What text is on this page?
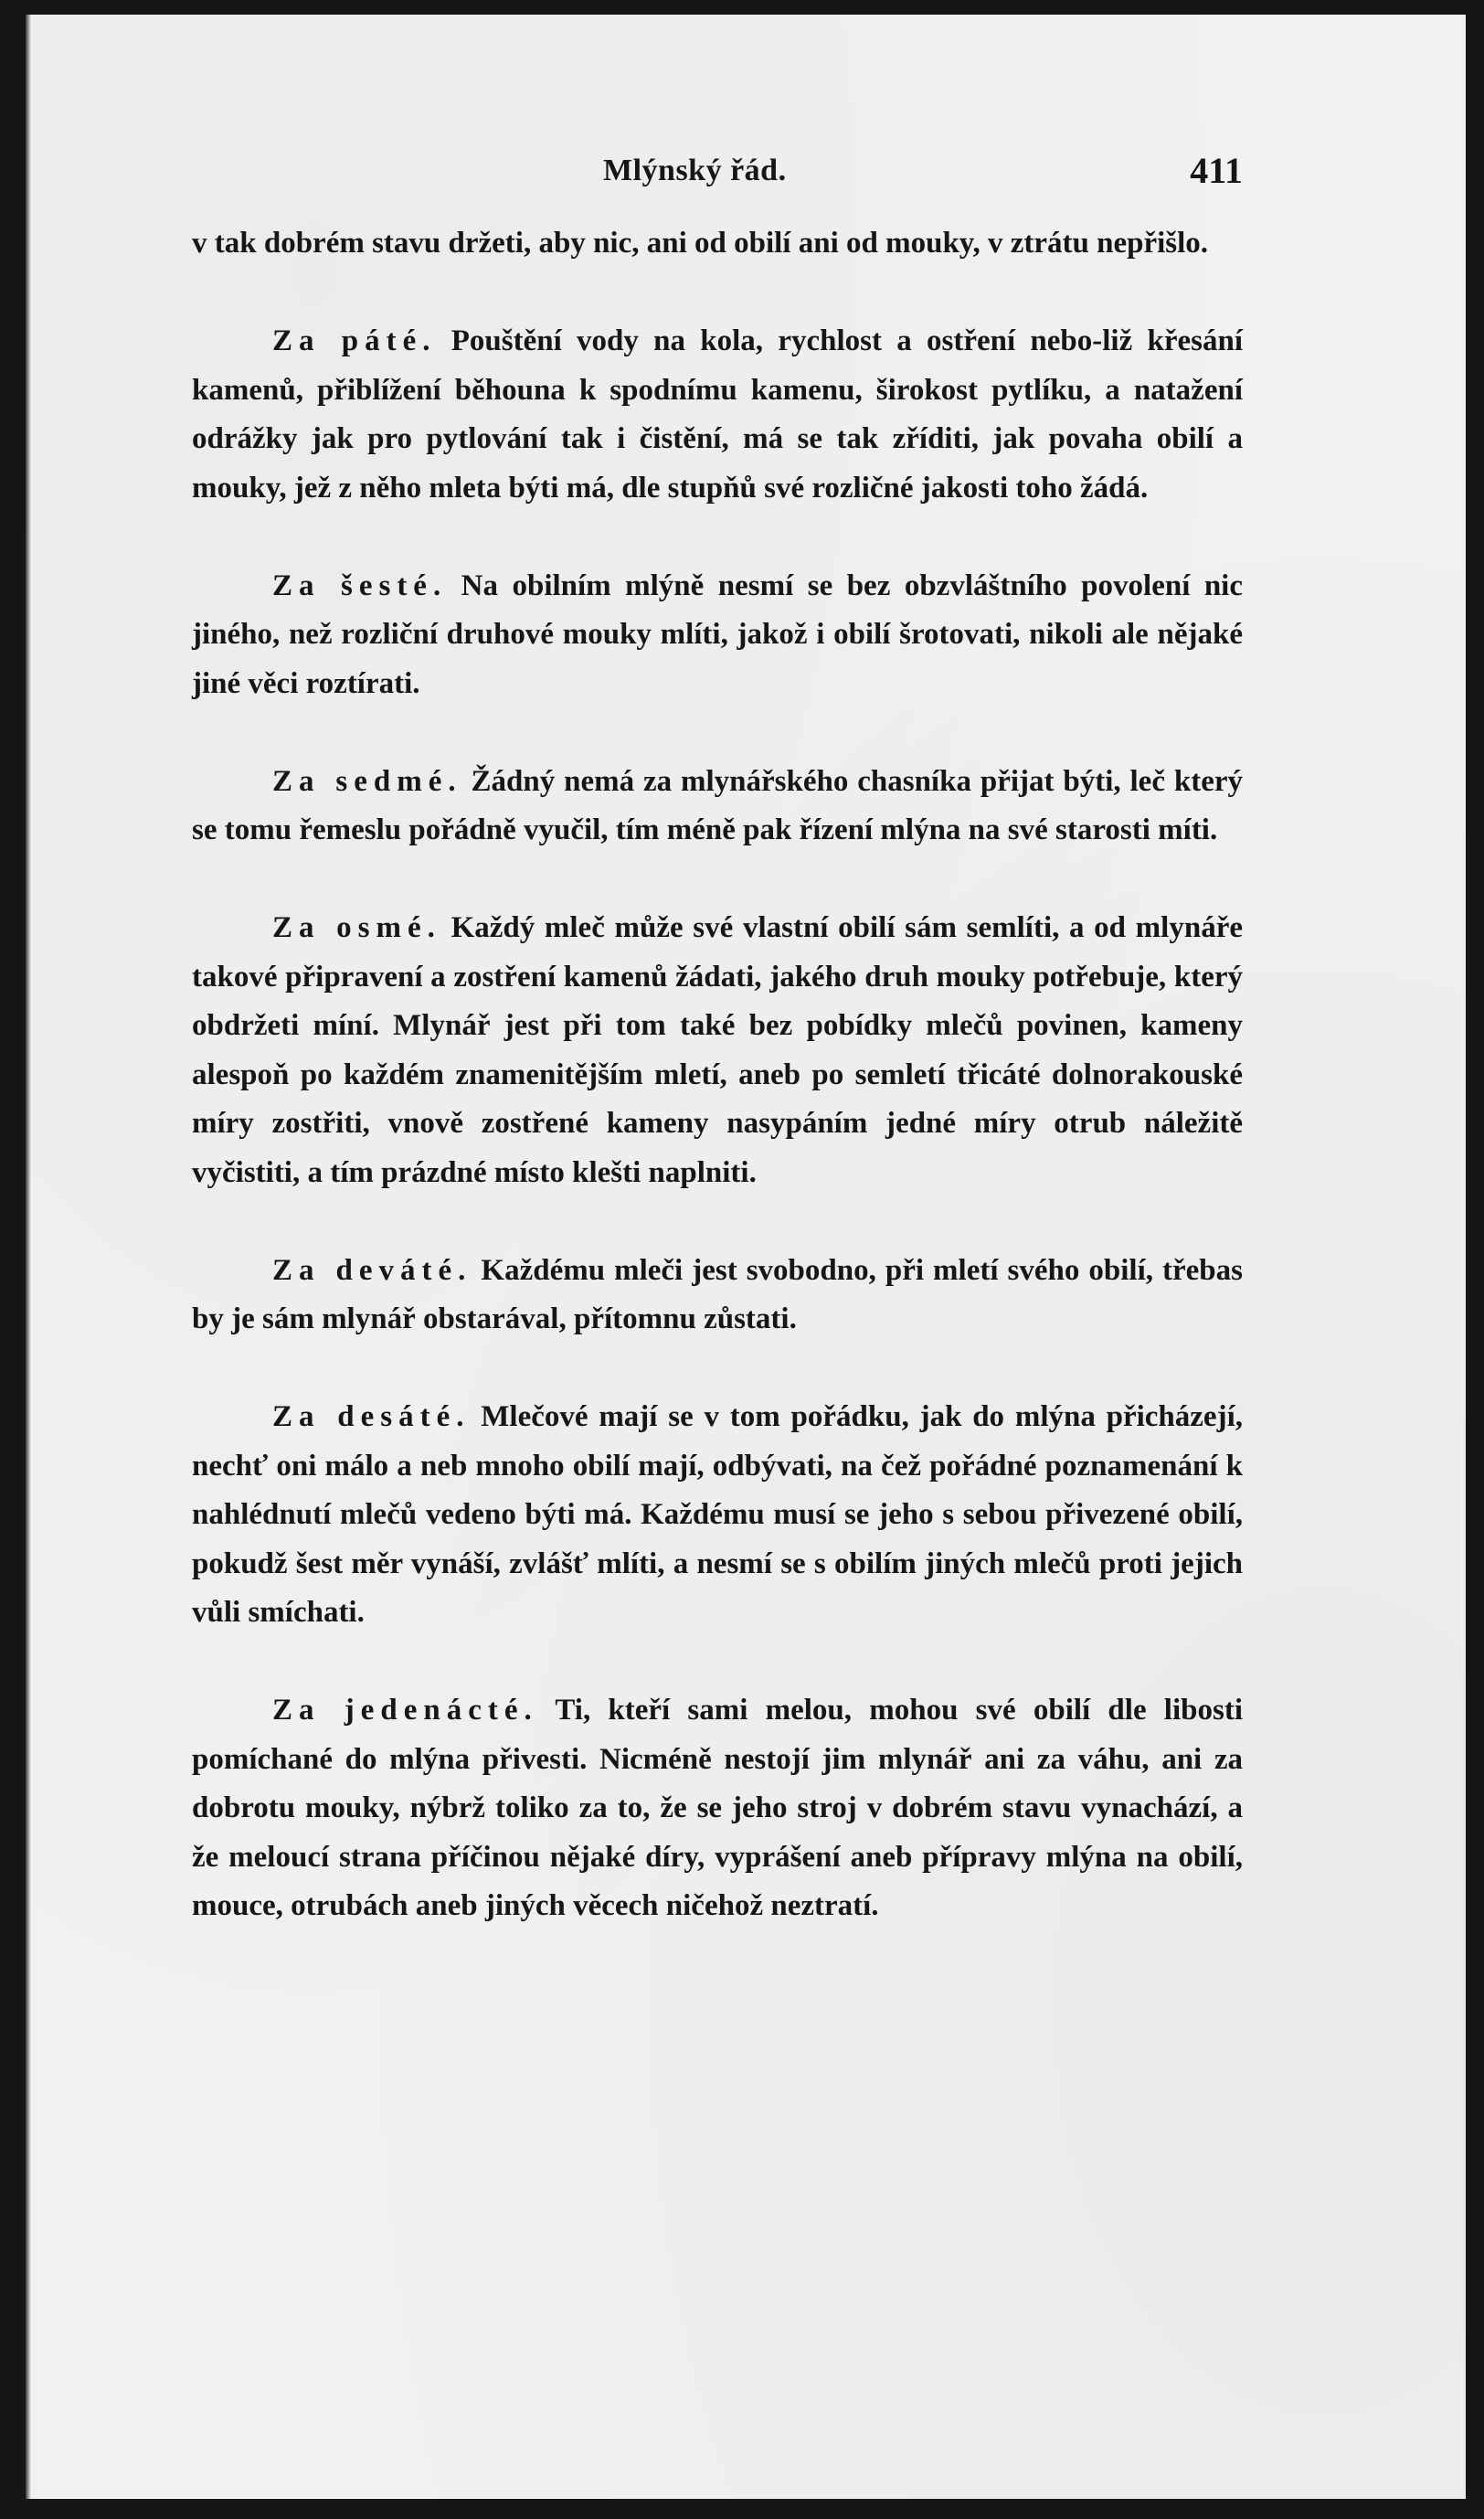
Mlýnský řád.	411

v tak dobrém stavu držeti, aby nic, ani od obilí ani od mouky, v ztrátu nepřišlo.

Za páté. Pouštění vody na kola, rychlost a ostření nebo-liž křesání kamenů, přiblížení běhouna k spodnímu kamenu, širokost pytlíku, a natažení odrážky jak pro pytlování tak i čistění, má se tak zříditi, jak povaha obilí a mouky, jež z něho mleta býti má, dle stupňů své rozličné jakosti toho žádá.

Za šesté. Na obilním mlýně nesmí se bez obzvláštního povolení nic jiného, než rozliční druhové mouky mlíti, jakož i obilí šrotovati, nikoli ale nějaké jiné věci roztírati.

Za sedmé. Žádný nemá za mlynářského chasníka přijat býti, leč který se tomu řemeslu pořádně vyučil, tím méně pak řízení mlýna na své starosti míti.

Za osmé. Každý mleč může své vlastní obilí sám semlíti, a od mlynáře takové připravení a zostření kamenů žádati, jakého druh mouky potřebuje, který obdržeti míní. Mlynář jest při tom také bez pobídky mlečů povinen, kameny alespoň po každém znamenitějším mletí, aneb po semletí třicáté dolnorakouské míry zostřiti, vnově zostřené kameny nasypáním jedné míry otrub náležitě vyčistiti, a tím prázdné místo klešti naplniti.

Za deváté. Každému mleči jest svobodno, při mletí svého obilí, třebas by je sám mlynář obstarával, přítomnu zůstati.

Za desáté. Mlečové mají se v tom pořádku, jak do mlýna přicházejí, nechť oni málo a neb mnoho obilí mají, odbývati, na čež pořádné poznamenání k nahlédnutí mlečů vedeno býti má. Každému musí se jeho s sebou přivezené obilí, pokudž šest měr vynáší, zvlášť mlíti, a nesmí se s obilím jiných mlečů proti jejich vůli smíchati.

Za jedenácté. Ti, kteří sami melou, mohou své obilí dle libosti pomíchané do mlýna přivesti. Nicméně nestojí jim mlynář ani za váhu, ani za dobrotu mouky, nýbrž toliko za to, že se jeho stroj v dobrém stavu vynachází, a že meloucí strana příčinou nějaké díry, vyprášení aneb přípravy mlýna na obilí, mouce, otrubách aneb jiných věcech ničehož neztratí.
